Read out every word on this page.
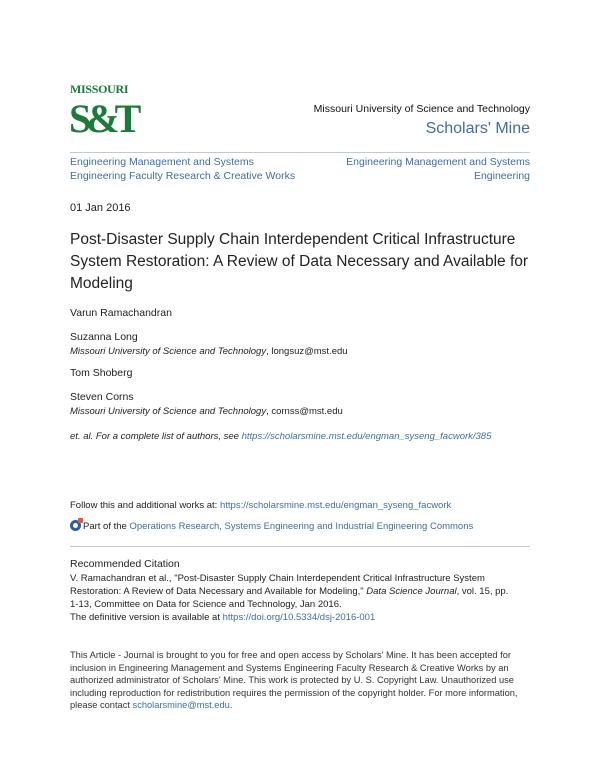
MISSOURI
S&T	Missouri University of Science and Technology
Scholars' Mine
Engineering Management and Systems
Engineering Faculty Research & Creative Works
Engineering Management and Systems
Engineering
01 Jan 2016
Post-Disaster Supply Chain Interdependent Critical Infrastructure System Restoration: A Review of Data Necessary and Available for Modeling
Varun Ramachandran
Suzanna Long
Missouri University of Science and Technology, longsuz@mst.edu
Tom Shoberg
Steven Corns
Missouri University of Science and Technology, cornss@mst.edu
et. al. For a complete list of authors, see https://scholarsmine.mst.edu/engman_syseng_facwork/385
Follow this and additional works at: https://scholarsmine.mst.edu/engman_syseng_facwork
Part of the Operations Research, Systems Engineering and Industrial Engineering Commons
Recommended Citation
V. Ramachandran et al., "Post-Disaster Supply Chain Interdependent Critical Infrastructure System
Restoration: A Review of Data Necessary and Available for Modeling," Data Science Journal, vol. 15, pp.
1-13, Committee on Data for Science and Technology, Jan 2016.
The definitive version is available at https://doi.org/10.5334/dsj-2016-001
This Article - Journal is brought to you for free and open access by Scholars' Mine. It has been accepted for
inclusion in Engineering Management and Systems Engineering Faculty Research & Creative Works by an
authorized administrator of Scholars' Mine. This work is protected by U. S. Copyright Law. Unauthorized use
including reproduction for redistribution requires the permission of the copyright holder. For more information,
please contact scholarsmine@mst.edu.
